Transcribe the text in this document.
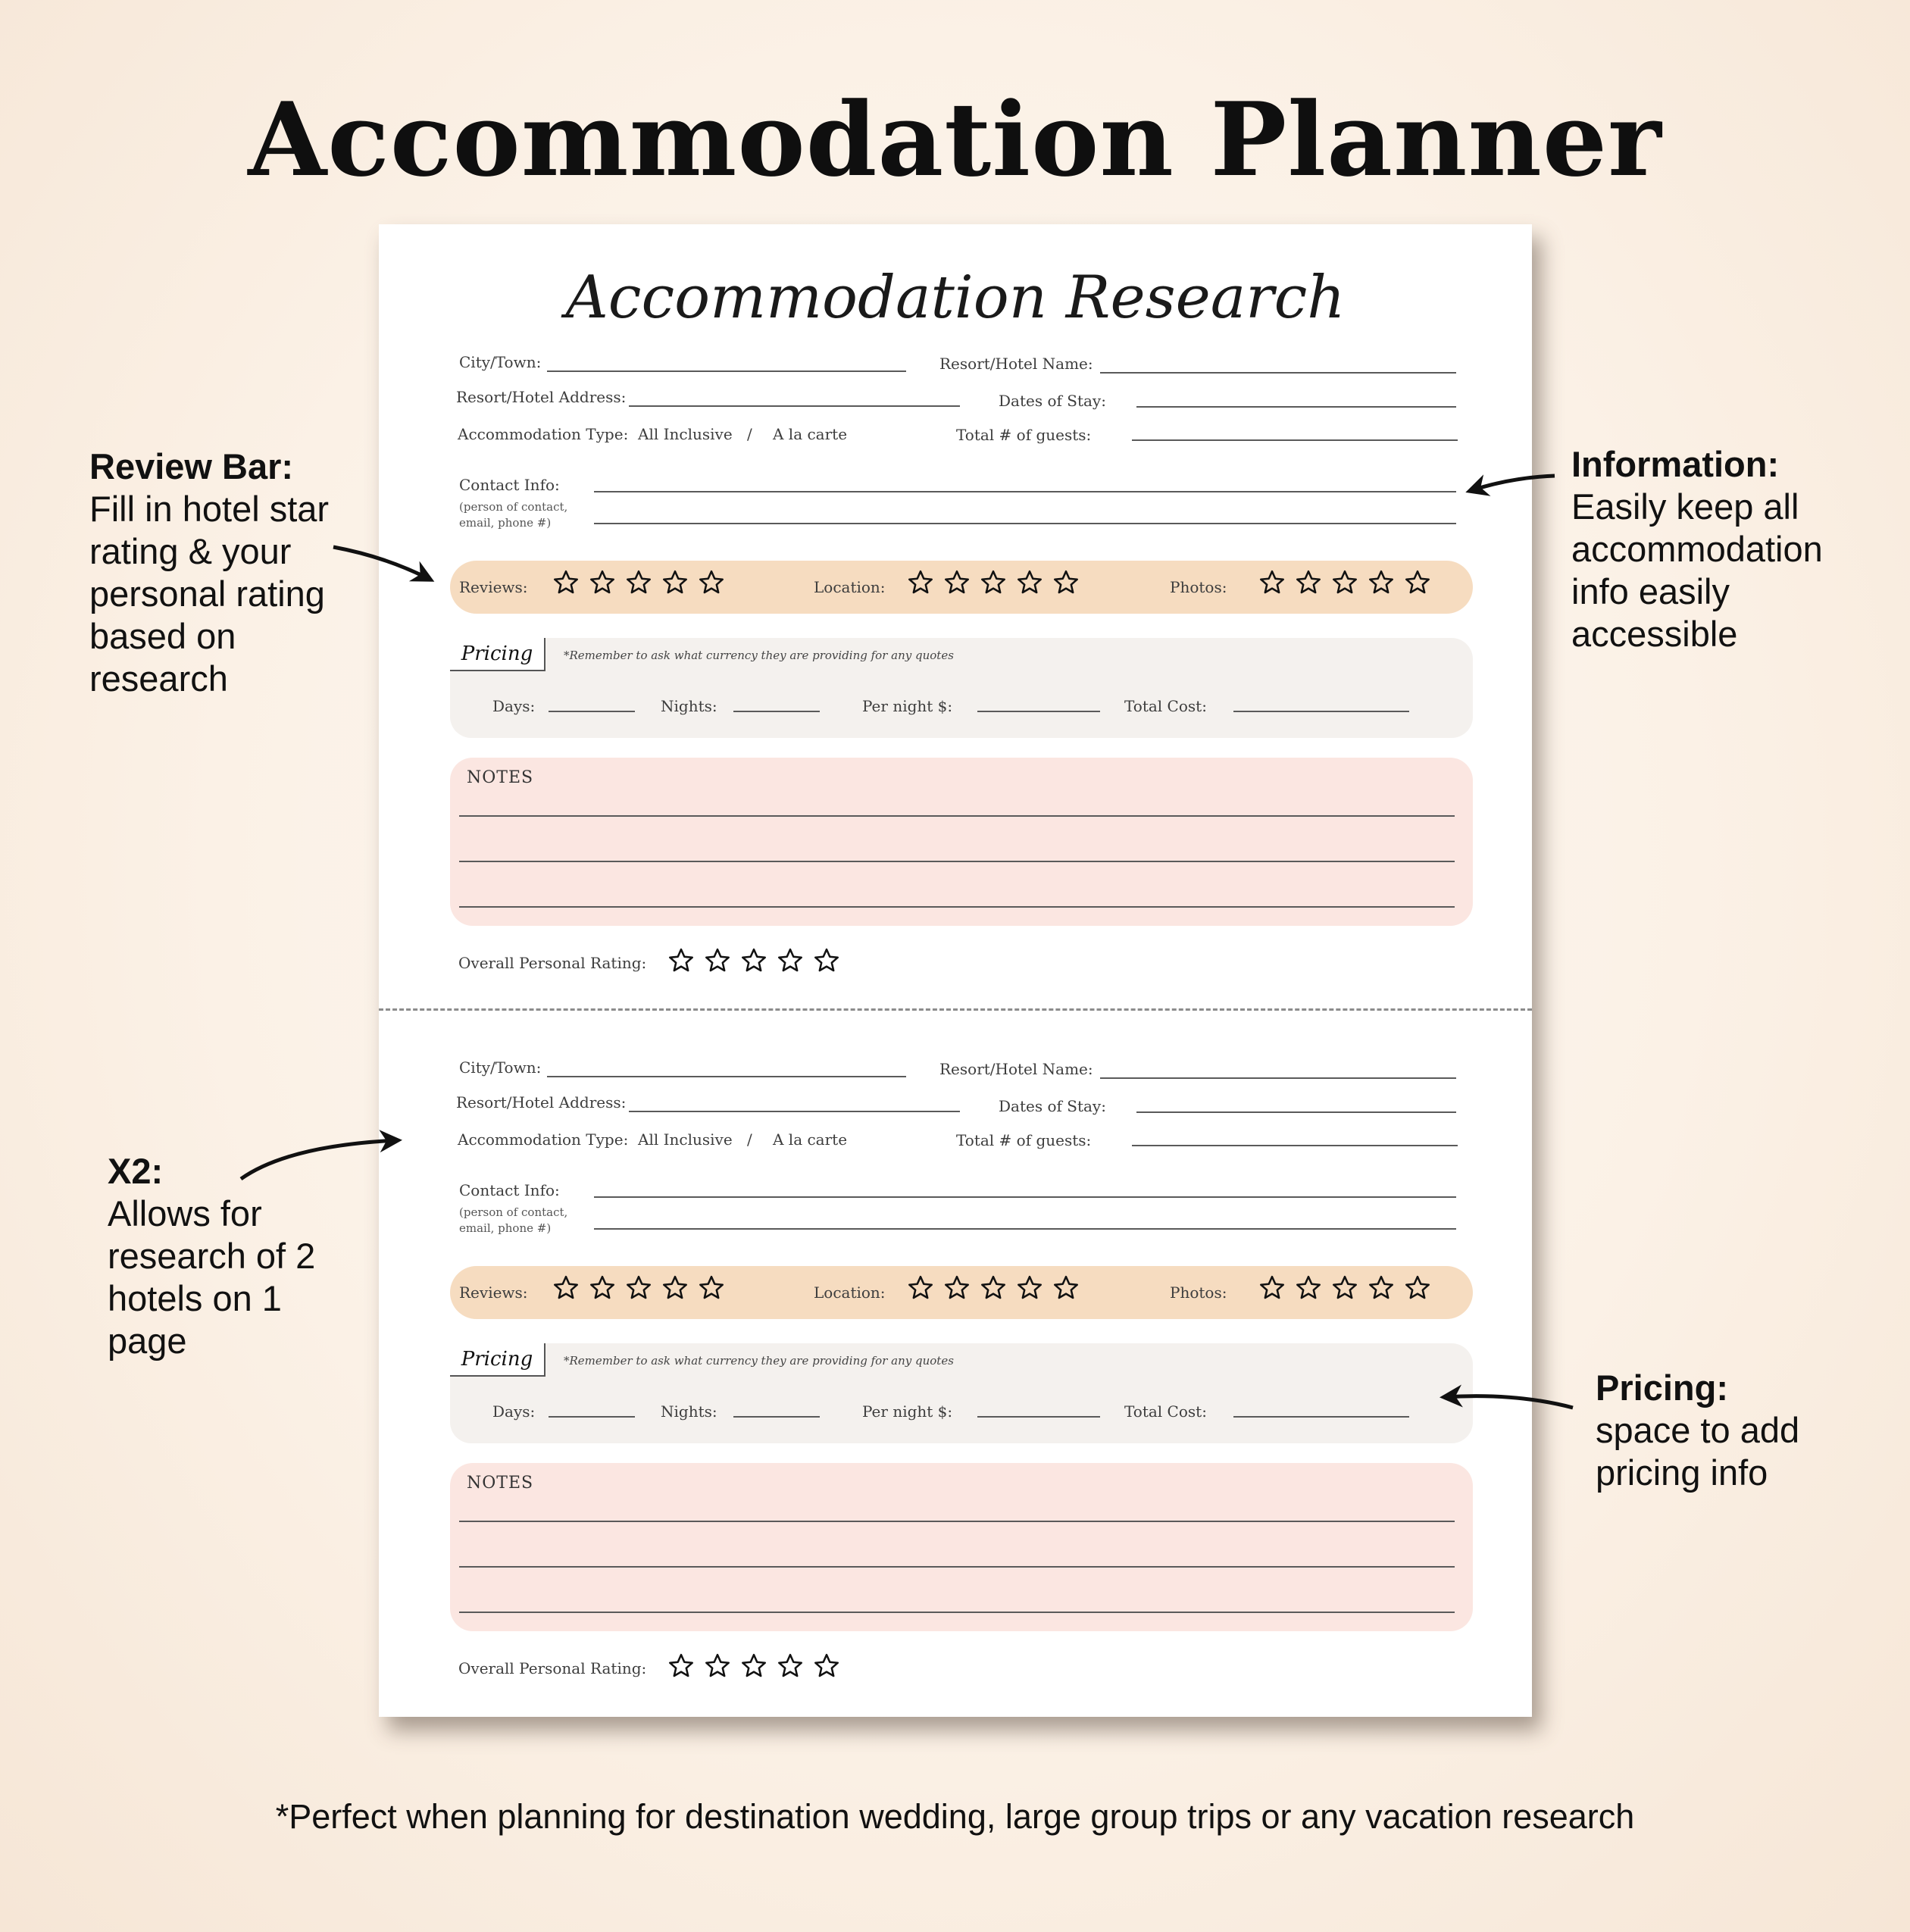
Accommodation Planner
Accommodation Research
City/Town:	Resort/Hotel Name:
Resort/Hotel Address:	Dates of Stay:
Accommodation Type: All Inclusive / A la carte	Total # of guests:
Contact Info:
(person of contact, email, phone #)
Reviews:	Location:	Photos:
Pricing	*Remember to ask what currency they are providing for any quotes
Days:	Nights:	Per night $:	Total Cost:
NOTES
Overall Personal Rating:
City/Town:	Resort/Hotel Name:
Resort/Hotel Address:	Dates of Stay:
Accommodation Type: All Inclusive / A la carte	Total # of guests:
Contact Info:
(person of contact, email, phone #)
Reviews:	Location:	Photos:
Pricing	*Remember to ask what currency they are providing for any quotes
Days:	Nights:	Per night $:	Total Cost:
NOTES
Overall Personal Rating:
Review Bar:
Fill in hotel star
rating & your
personal rating
based on
research
Information:
Easily keep all
accommodation
info easily
accessible
X2:
Allows for
research of 2
hotels on 1
page
Pricing:
space to add
pricing info
*Perfect when planning for destination wedding, large group trips or any vacation research
